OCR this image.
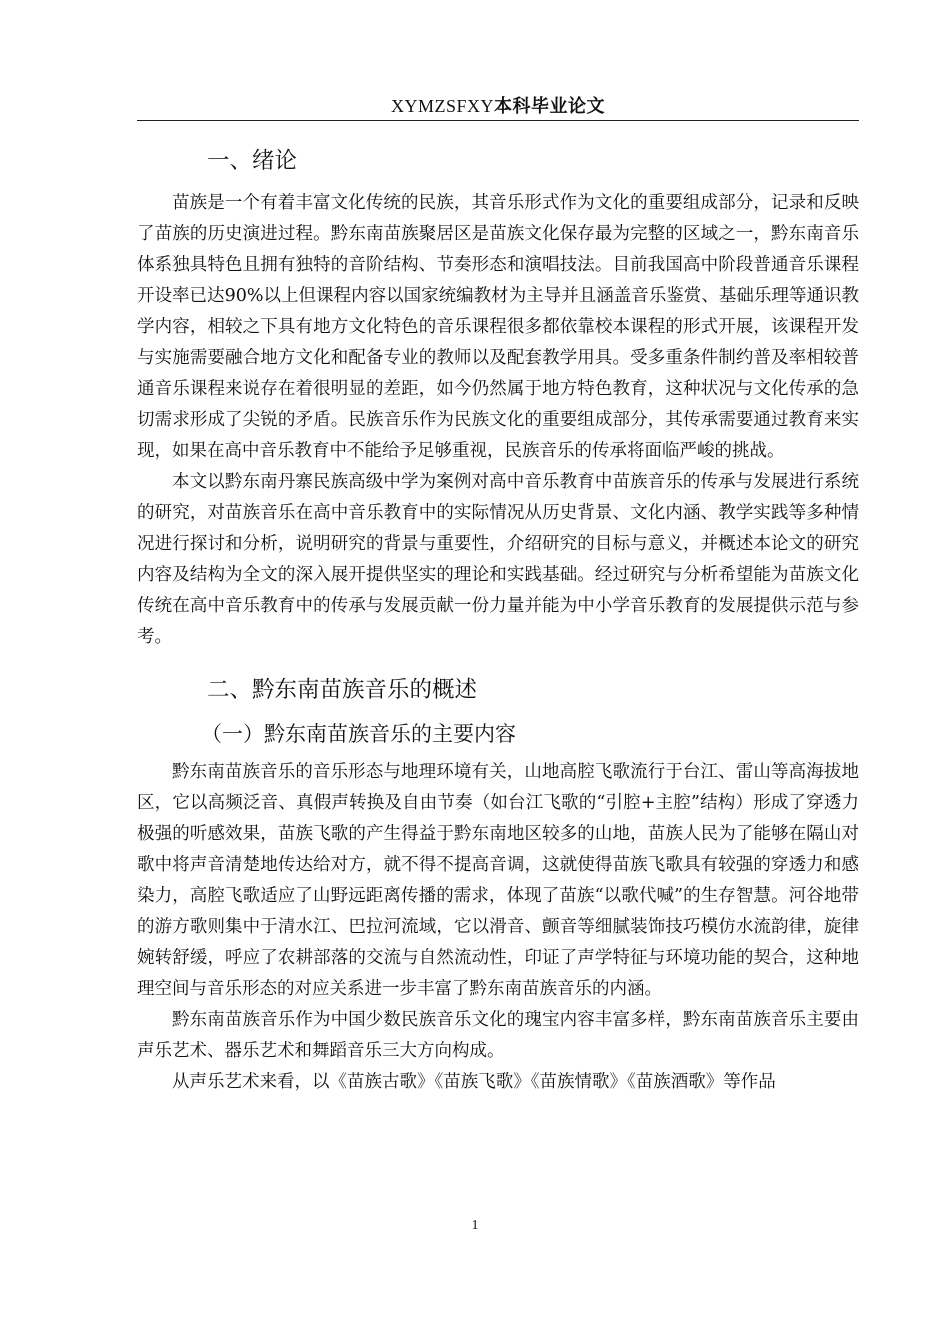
XYMZSFXY本科毕业论文
一、绪论

苗族是一个有着丰富文化传统的民族，其音乐形式作为文化的重要组成部分，记录和反映了苗族的历史演进过程。黔东南苗族聚居区是苗族文化保存最为完整的区域之一，黔东南音乐体系独具特色且拥有独特的音阶结构、节奏形态和演唱技法。目前我国高中阶段普通音乐课程开设率已达90%以上但课程内容以国家统编教材为主导并且涵盖音乐鉴赏、基础乐理等通识教学内容，相较之下具有地方文化特色的音乐课程很多都依靠校本课程的形式开展，该课程开发与实施需要融合地方文化和配备专业的教师以及配套教学用具。受多重条件制约普及率相较普通音乐课程来说存在着很明显的差距，如今仍然属于地方特色教育，这种状况与文化传承的急切需求形成了尖锐的矛盾。民族音乐作为民族文化的重要组成部分，其传承需要通过教育来实现，如果在高中音乐教育中不能给予足够重视，民族音乐的传承将面临严峻的挑战。

本文以黔东南丹寨民族高级中学为案例对高中音乐教育中苗族音乐的传承与发展进行系统的研究，对苗族音乐在高中音乐教育中的实际情况从历史背景、文化内涵、教学实践等多种情况进行探讨和分析，说明研究的背景与重要性，介绍研究的目标与意义，并概述本论文的研究内容及结构为全文的深入展开提供坚实的理论和实践基础。经过研究与分析希望能为苗族文化传统在高中音乐教育中的传承与发展贡献一份力量并能为中小学音乐教育的发展提供示范与参考。

二、黔东南苗族音乐的概述
（一）黔东南苗族音乐的主要内容

黔东南苗族音乐的音乐形态与地理环境有关，山地高腔飞歌流行于台江、雷山等高海拔地区，它以高频泛音、真假声转换及自由节奏（如台江飞歌的“引腔+主腔”结构）形成了穿透力极强的听感效果，苗族飞歌的产生得益于黔东南地区较多的山地，苗族人民为了能够在隔山对歌中将声音清楚地传达给对方，就不得不提高音调，这就使得苗族飞歌具有较强的穿透力和感染力，高腔飞歌适应了山野远距离传播的需求，体现了苗族“以歌代喊”的生存智慧。河谷地带的游方歌则集中于清水江、巴拉河流域，它以滑音、颤音等细腻装饰技巧模仿水流韵律，旋律婉转舒缓，呼应了农耕部落的交流与自然流动性，印证了声学特征与环境功能的契合，这种地理空间与音乐形态的对应关系进一步丰富了黔东南苗族音乐的内涵。

黔东南苗族音乐作为中国少数民族音乐文化的瑰宝内容丰富多样，黔东南苗族音乐主要由声乐艺术、器乐艺术和舞蹈音乐三大方向构成。

从声乐艺术来看，以《苗族古歌》《苗族飞歌》《苗族情歌》《苗族酒歌》等作品

1
